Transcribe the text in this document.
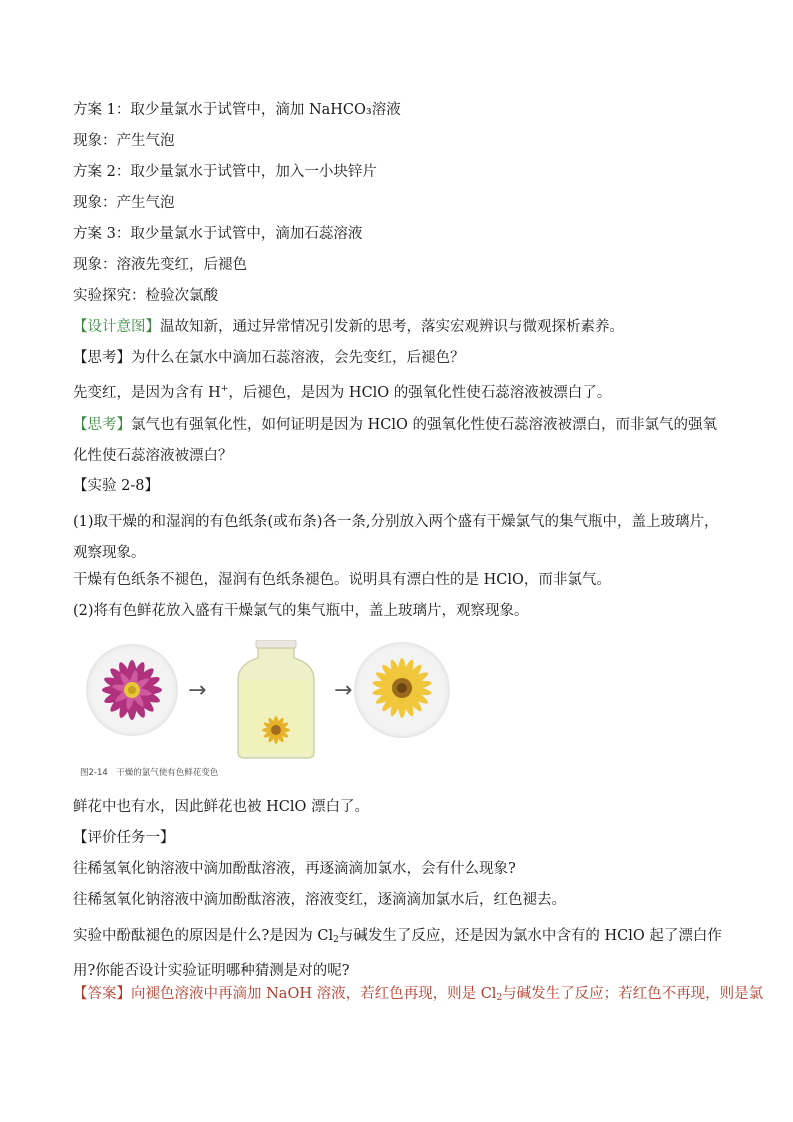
方案 1：取少量氯水于试管中，滴加 NaHCO₃溶液
现象：产生气泡
方案 2：取少量氯水于试管中，加入一小块锌片
现象：产生气泡
方案 3：取少量氯水于试管中，滴加石蕊溶液
现象：溶液先变红，后褪色
实验探究：检验次氯酸
【设计意图】温故知新，通过异常情况引发新的思考，落实宏观辨识与微观探析素养。
【思考】为什么在氯水中滴加石蕊溶液，会先变红，后褪色？
先变红，是因为含有 H+，后褪色，是因为 HClO 的强氧化性使石蕊溶液被漂白了。
【思考】氯气也有强氧化性，如何证明是因为 HClO 的强氧化性使石蕊溶液被漂白，而非氯气的强氧化性使石蕊溶液被漂白？
【实验 2-8】
(1)取干燥的和湿润的有色纸条(或布条)各一条,分别放入两个盛有干燥氯气的集气瓶中，盖上玻璃片，观察现象。
干燥有色纸条不褪色，湿润有色纸条褪色。说明具有漂白性的是 HClO，而非氯气。
(2)将有色鲜花放入盛有干燥氯气的集气瓶中，盖上玻璃片，观察现象。
→	→
图2-14　干燥的氯气使有色鲜花变色
鲜花中也有水，因此鲜花也被 HClO 漂白了。
【评价任务一】
往稀氢氧化钠溶液中滴加酚酞溶液，再逐滴滴加氯水，会有什么现象?
往稀氢氧化钠溶液中滴加酚酞溶液，溶液变红，逐滴滴加氯水后，红色褪去。
实验中酚酞褪色的原因是什么?是因为 $Cl_2$与碱发生了反应，还是因为氯水中含有的 HClO 起了漂白作用?你能否设计实验证明哪种猜测是对的呢?
【答案】向褪色溶液中再滴加 NaOH 溶液，若红色再现，则是 $Cl_2$与碱发生了反应；若红色不再现，则是氯
